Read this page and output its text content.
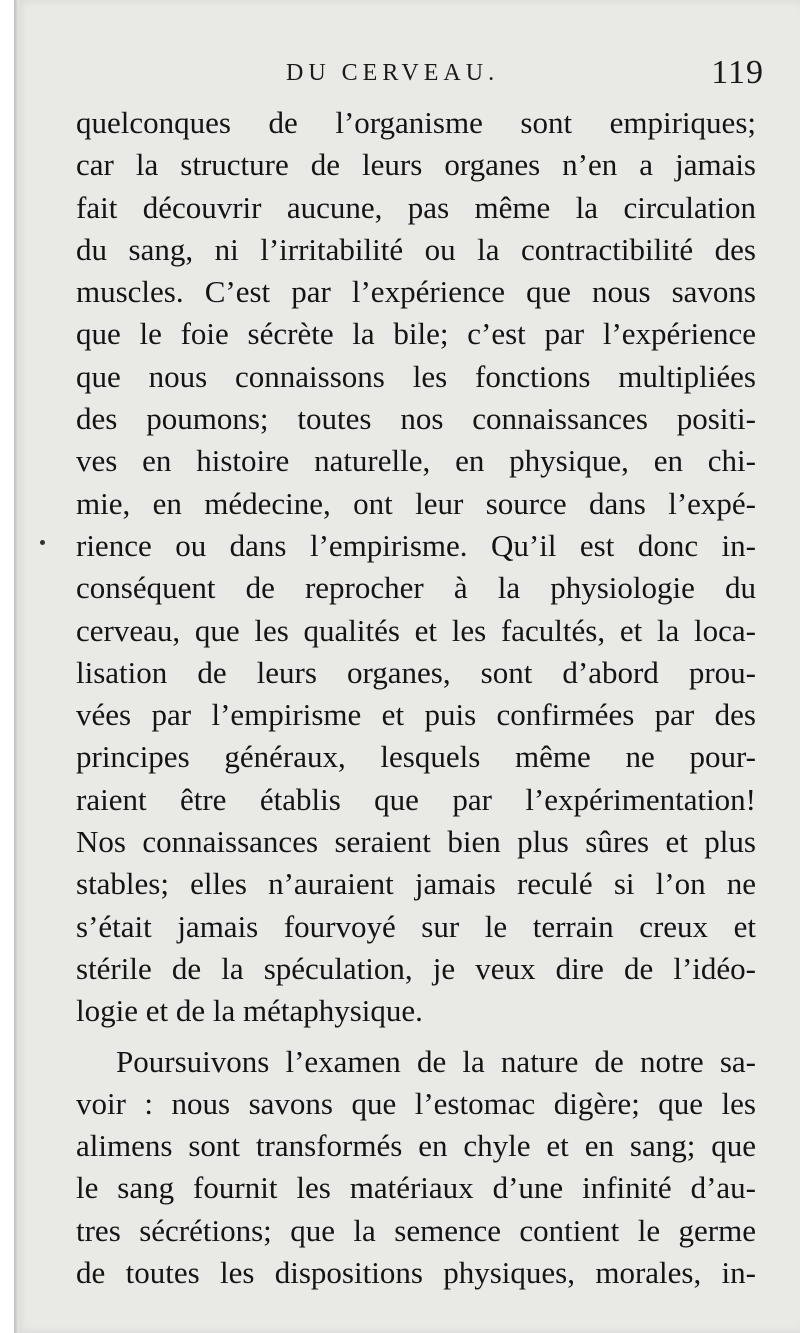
DU CERVEAU.	119
quelconques de l’organisme sont empiriques;
car la structure de leurs organes n’en a jamais
fait découvrir aucune, pas même la circulation
du sang, ni l’irritabilité ou la contractibilité des
muscles. C’est par l’expérience que nous savons
que le foie sécrète la bile; c’est par l’expérience
que nous connaissons les fonctions multipliées
des poumons; toutes nos connaissances positi-
ves en histoire naturelle, en physique, en chi-
mie, en médecine, ont leur source dans l’expé-
rience ou dans l’empirisme. Qu’il est donc in-
conséquent de reprocher à la physiologie du
cerveau, que les qualités et les facultés, et la loca-
lisation de leurs organes, sont d’abord prou-
vées par l’empirisme et puis confirmées par des
principes généraux, lesquels même ne pour-
raient être établis que par l’expérimentation!
Nos connaissances seraient bien plus sûres et plus
stables; elles n’auraient jamais reculé si l’on ne
s’était jamais fourvoyé sur le terrain creux et
stérile de la spéculation, je veux dire de l’idéo-
logie et de la métaphysique.
Poursuivons l’examen de la nature de notre sa-
voir : nous savons que l’estomac digère; que les
alimens sont transformés en chyle et en sang; que
le sang fournit les matériaux d’une infinité d’au-
tres sécrétions; que la semence contient le germe
de toutes les dispositions physiques, morales, in-
